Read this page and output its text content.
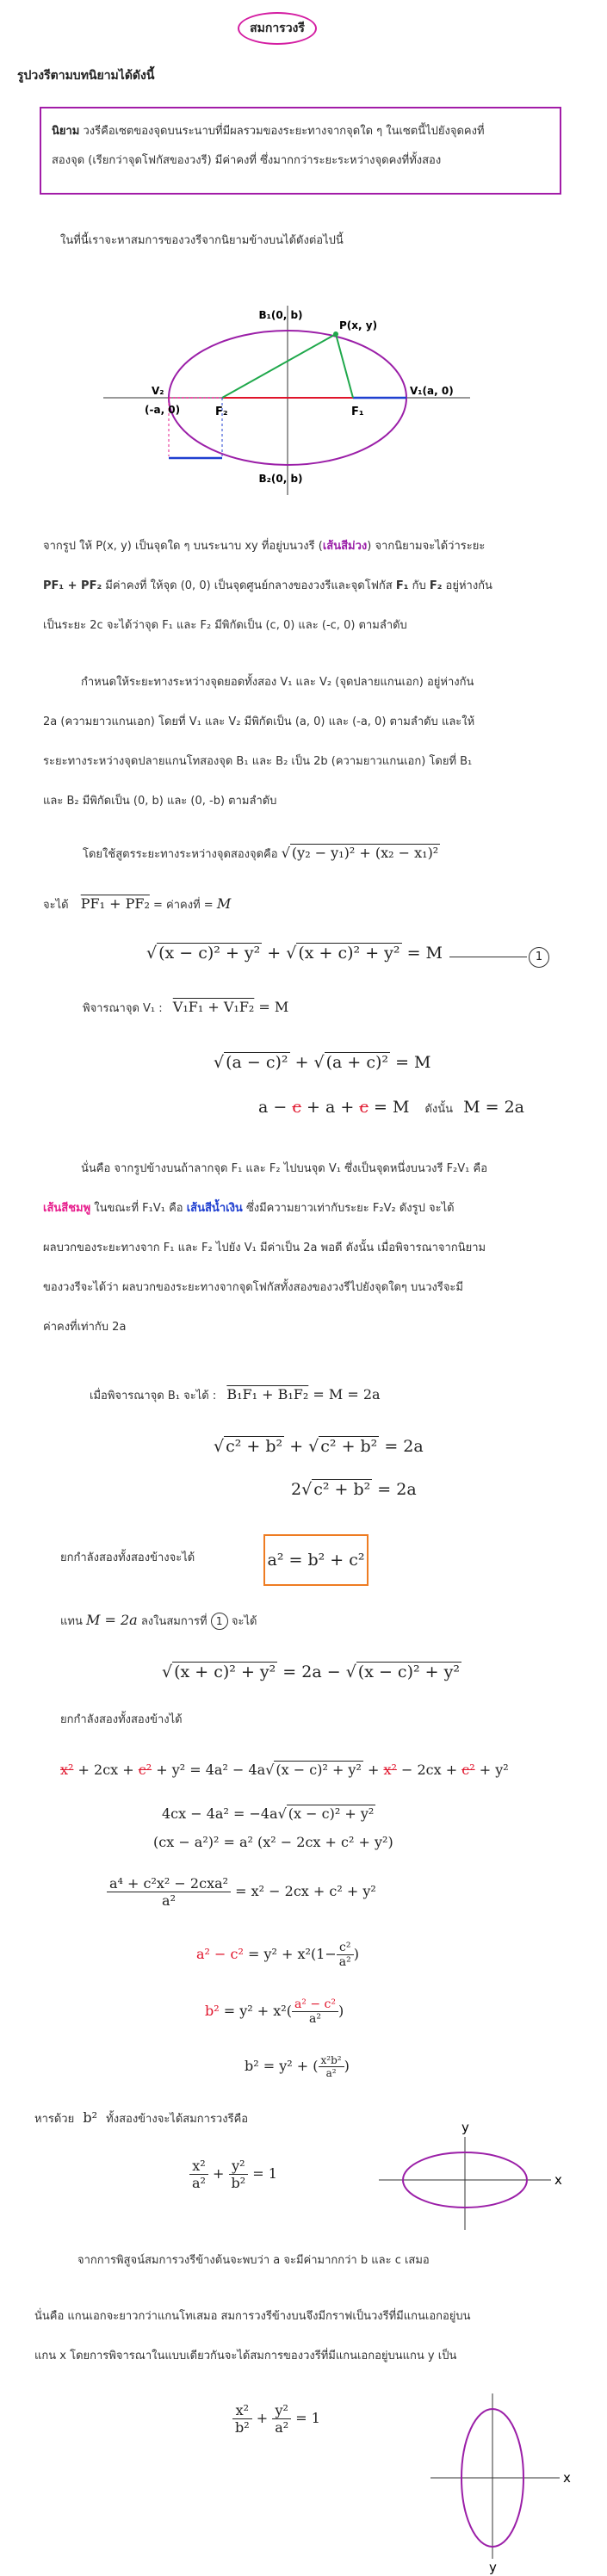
สมการวงรี
รูปวงรีตามบทนิยามได้ดังนี้
นิยาม วงรีคือเซตของจุดบนระนาบที่มีผลรวมของระยะทางจากจุดใด ๆ ในเซตนี้ไปยังจุดคงที่
สองจุด (เรียกว่าจุดโฟกัสของวงรี) มีค่าคงที่ ซึ่งมากกว่าระยะระหว่างจุดคงที่ทั้งสอง
ในที่นี้เราจะหาสมการของวงรีจากนิยามข้างบนได้ดังต่อไปนี้
B₁(0, b)
P(x, y)
V₁(a, 0)
V₂
(-a, 0)	F₂	F₁
B₂(0, b)
จากรูป ให้ P(x, y) เป็นจุดใด ๆ บนระนาบ xy ที่อยู่บนวงรี (เส้นสีม่วง) จากนิยามจะได้ว่าระยะ
PF₁ + PF₂ มีค่าคงที่ ให้จุด (0, 0) เป็นจุดศูนย์กลางของวงรีและจุดโฟกัส F₁ กับ F₂ อยู่ห่างกัน
เป็นระยะ 2c จะได้ว่าจุด F₁ และ F₂ มีพิกัดเป็น (c, 0) และ (-c, 0) ตามลำดับ
กำหนดให้ระยะทางระหว่างจุดยอดทั้งสอง V₁ และ V₂ (จุดปลายแกนเอก) อยู่ห่างกัน
2a (ความยาวแกนเอก) โดยที่ V₁ และ V₂ มีพิกัดเป็น (a, 0) และ (-a, 0) ตามลำดับ และให้
ระยะทางระหว่างจุดปลายแกนโทสองจุด B₁ และ B₂ เป็น 2b (ความยาวแกนเอก) โดยที่ B₁
และ B₂ มีพิกัดเป็น (0, b) และ (0, -b) ตามลำดับ
โดยใช้สูตรระยะทางระหว่างจุดสองจุดคือ √ (y₂ − y₁)² + (x₂ − x₁)²
จะได้ PF₁ + PF₂ = ค่าคงที่ = M
√ (x − c)² + y² + √ (x + c)² + y² = M	1
พิจารณาจุด V₁ : V₁F₁ + V₁F₂ = M
√ (a − c)² + √ (a + c)² = M
a − c + a + c = M ดังนั้น M = 2a
นั่นคือ จากรูปข้างบนถ้าลากจุด F₁ และ F₂ ไปบนจุด V₁ ซึ่งเป็นจุดหนึ่งบนวงรี F₂V₁ คือ
เส้นสีชมพู ในขณะที่ F₁V₁ คือ เส้นสีน้ำเงิน ซึ่งมีความยาวเท่ากับระยะ F₂V₂ ดังรูป จะได้
ผลบวกของระยะทางจาก F₁ และ F₂ ไปยัง V₁ มีค่าเป็น 2a พอดี ดังนั้น เมื่อพิจารณาจากนิยาม
ของวงรีจะได้ว่า ผลบวกของระยะทางจากจุดโฟกัสทั้งสองของวงรีไปยังจุดใดๆ บนวงรีจะมี
ค่าคงที่เท่ากับ 2a
เมื่อพิจารณาจุด B₁ จะได้ : B₁F₁ + B₁F₂ = M = 2a
√ c² + b² + √ c² + b² = 2a
2√ c² + b² = 2a
ยกกำลังสองทั้งสองข้างจะได้	a² = b² + c²
แทน M = 2a ลงในสมการที่ 1 จะได้
√ (x + c)² + y² = 2a − √ (x − c)² + y²
ยกกำลังสองทั้งสองข้างได้
x² + 2cx + c² + y² = 4a² − 4a√ (x − c)² + y² + x² − 2cx + c² + y²
4cx − 4a² = −4a√ (x − c)² + y²
(cx − a²)² = a² (x² − 2cx + c² + y²)
$\frac{\text{a⁴ + c²x² − 2cxa²}}{\text{a²}} = x^2 - 2cx + c^2 + y^2$
$a^2 - c^2 = y^2 + x^2(1- \frac{\text{c²}}{\text{a²}}$ )
$b^2 = y^2 + x^2( \frac{\text{a² − c²}}{\text{a²}}$ )
b² = y² + ( $\frac{\text{x²b²}}{\text{a²}}$ )
หารด้วย b² ทั้งสองข้างจะได้สมการวงรีคือ
$\frac{\text{x²}}{\text{a²}} + \frac{\text{y²}}{\text{b²}} = 1$
y
x
จากการพิสูจน์สมการวงรีข้างต้นจะพบว่า a จะมีค่ามากกว่า b และ c เสมอ
นั่นคือ แกนเอกจะยาวกว่าแกนโทเสมอ สมการวงรีข้างบนจึงมีกราฟเป็นวงรีที่มีแกนเอกอยู่บน
แกน x โดยการพิจารณาในแบบเดียวกันจะได้สมการของวงรีที่มีแกนเอกอยู่บนแกน y เป็น
$\frac{\text{x²}}{\text{b²}} + \frac{\text{y²}}{\text{a²}} = 1$
x
y
